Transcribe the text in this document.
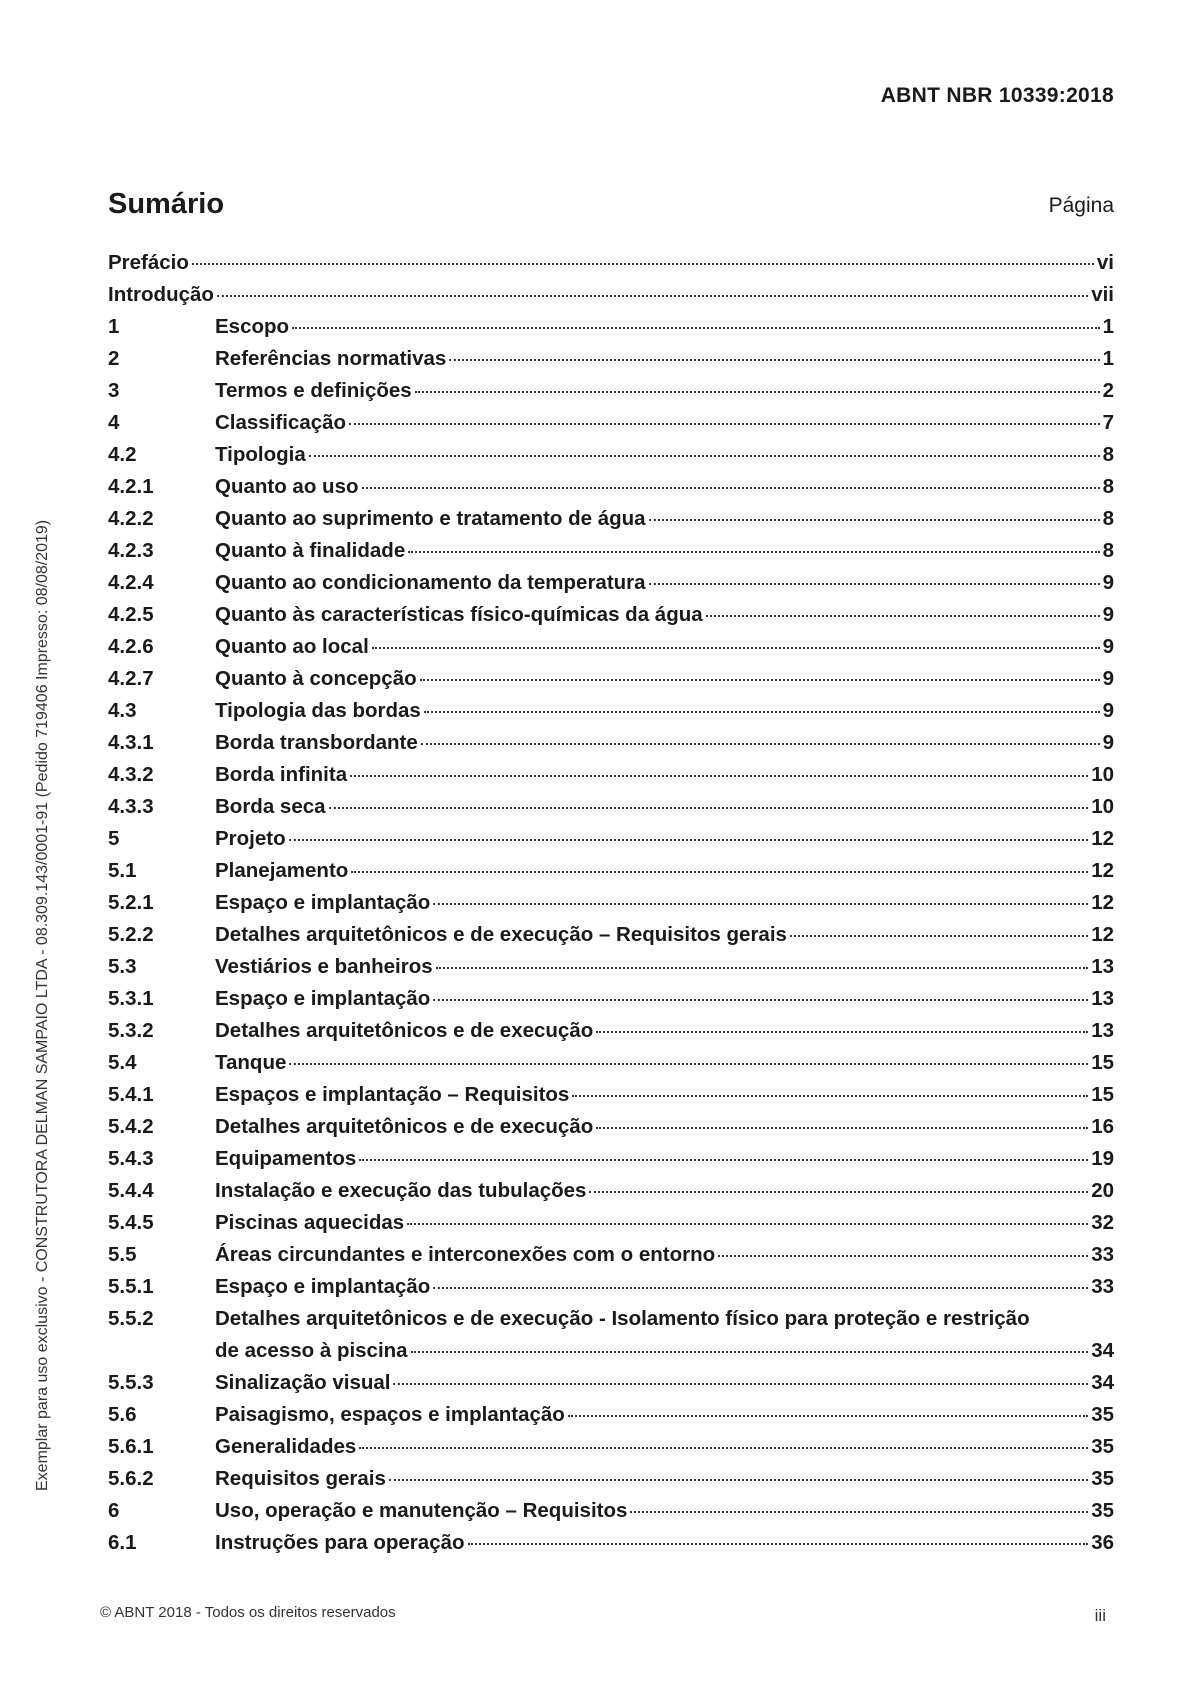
ABNT NBR 10339:2018
Exemplar para uso exclusivo - CONSTRUTORA DELMAN SAMPAIO LTDA - 08.309.143/0001-91 (Pedido 719406 Impresso: 08/08/2019)
Sumário	Página
Prefácio	vi
Introdução	vii
1	Escopo	1
2	Referências normativas	1
3	Termos e definições	2
4	Classificação	7
4.2	Tipologia	8
4.2.1	Quanto ao uso	8
4.2.2	Quanto ao suprimento e tratamento de água	8
4.2.3	Quanto à finalidade	8
4.2.4	Quanto ao condicionamento da temperatura	9
4.2.5	Quanto às características físico-químicas da água	9
4.2.6	Quanto ao local	9
4.2.7	Quanto à concepção	9
4.3	Tipologia das bordas	9
4.3.1	Borda transbordante	9
4.3.2	Borda infinita	10
4.3.3	Borda seca	10
5	Projeto	12
5.1	Planejamento	12
5.2.1	Espaço e implantação	12
5.2.2	Detalhes arquitetônicos e de execução – Requisitos gerais	12
5.3	Vestiários e banheiros	13
5.3.1	Espaço e implantação	13
5.3.2	Detalhes arquitetônicos e de execução	13
5.4	Tanque	15
5.4.1	Espaços e implantação – Requisitos	15
5.4.2	Detalhes arquitetônicos e de execução	16
5.4.3	Equipamentos	19
5.4.4	Instalação e execução das tubulações	20
5.4.5	Piscinas aquecidas	32
5.5	Áreas circundantes e interconexões com o entorno	33
5.5.1	Espaço e implantação	33
5.5.2	Detalhes arquitetônicos e de execução - Isolamento físico para proteção e restrição
de acesso à piscina	34
5.5.3	Sinalização visual	34
5.6	Paisagismo, espaços e implantação	35
5.6.1	Generalidades	35
5.6.2	Requisitos gerais	35
6	Uso, operação e manutenção – Requisitos	35
6.1	Instruções para operação	36
© ABNT 2018 - Todos os direitos reservados	iii
